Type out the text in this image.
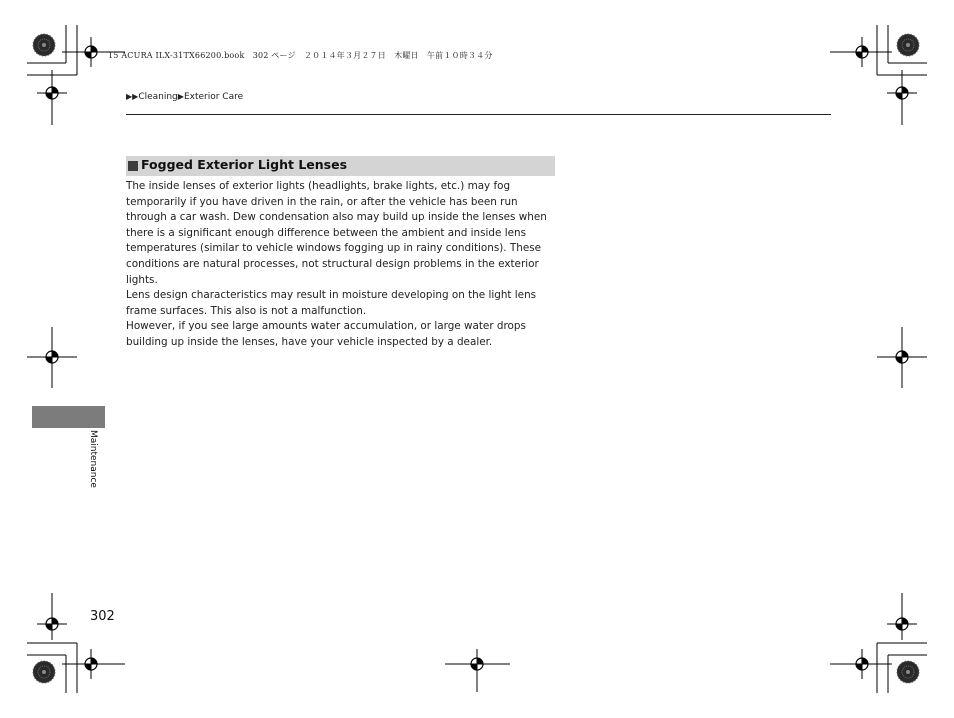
15 ACURA ILX-31TX66200.book　302 ページ　２０１４年３月２７日　木曜日　午前１０時３４分
▶▶Cleaning▶Exterior Care
Fogged Exterior Light Lenses

The inside lenses of exterior lights (headlights, brake lights, etc.) may fog temporarily if you have driven in the rain, or after the vehicle has been run through a car wash. Dew condensation also may build up inside the lenses when there is a significant enough difference between the ambient and inside lens temperatures (similar to vehicle windows fogging up in rainy conditions). These conditions are natural processes, not structural design problems in the exterior lights.

Lens design characteristics may result in moisture developing on the light lens frame surfaces. This also is not a malfunction.

However, if you see large amounts water accumulation, or large water drops building up inside the lenses, have your vehicle inspected by a dealer.

Maintenance
302
